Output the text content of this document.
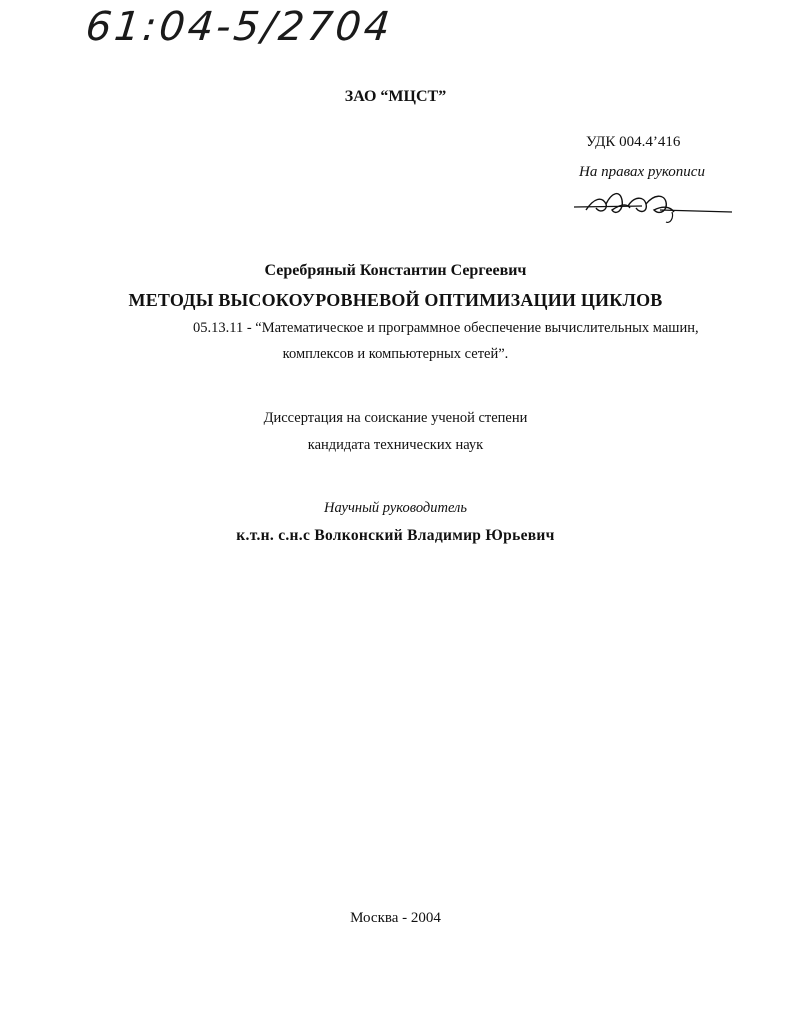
61:04-5/2704
ЗАО “МЦСТ”
УДК 004.4’416
На правах рукописи
Серебряный Константин Сергеевич
МЕТОДЫ ВЫСОКОУРОВНЕВОЙ ОПТИМИЗАЦИИ ЦИКЛОВ
05.13.11 - “Математическое и программное обеспечение вычислительных машин,
комплексов и компьютерных сетей”.
Диссертация на соискание ученой степени
кандидата технических наук
Научный руководитель
к.т.н. с.н.с Волконский Владимир Юрьевич
Москва - 2004
